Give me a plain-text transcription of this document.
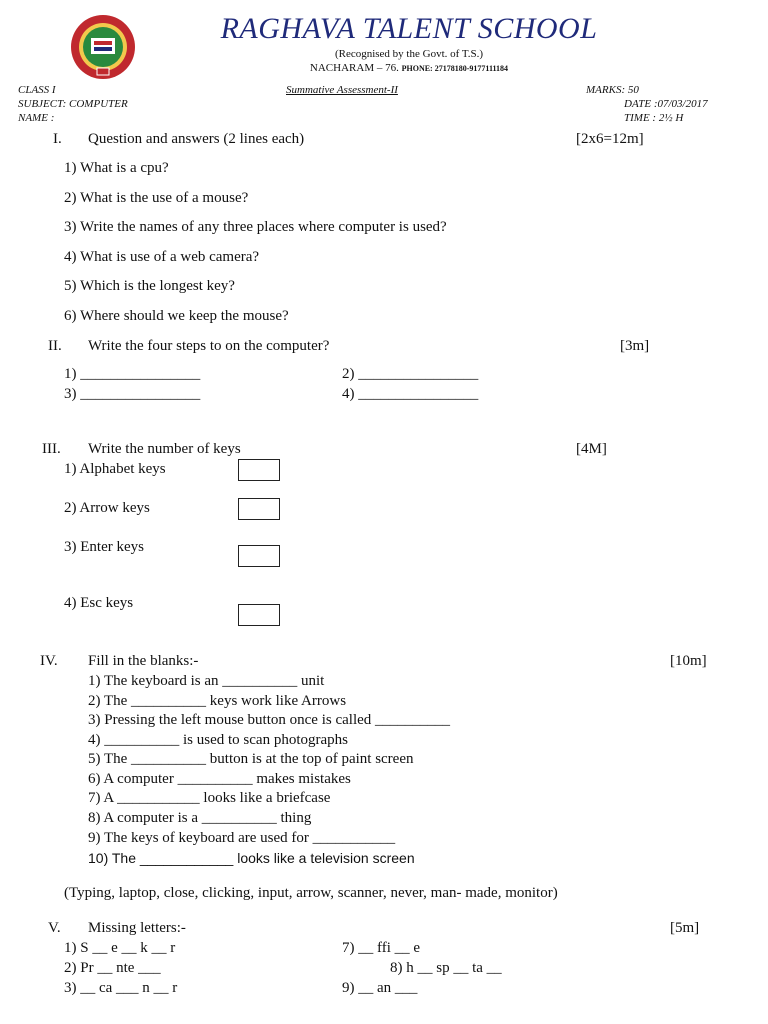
RAGHAVA TALENT SCHOOL
(Recognised by the Govt. of T.S.)
NACHARAM – 76. PHONE: 27178180-9177111184
CLASS I
SUBJECT: COMPUTER
NAME :
Summative Assessment-II	MARKS: 50
DATE :07/03/2017
TIME : 2½ H
I. Question and answers (2 lines each)	[2x6=12m]
1) What is a cpu?
2) What is the use of a mouse?
3) Write the names of any three places where computer is used?
4) What is use of a web camera?
5) Which is the longest key?
6) Where should we keep the mouse?
II. Write the four steps to on the computer?	[3m]
1) ________________	2) ________________
3) ________________	4) ________________
III. Write the number of keys	[4M]
1) Alphabet keys
2) Arrow keys
3) Enter keys
4) Esc keys
IV. Fill in the blanks:-	[10m]
1) The keyboard is an __________ unit
2) The __________ keys work like Arrows
3) Pressing the left mouse button once is called __________
4) __________ is used to scan photographs
5) The __________ button is at the top of paint screen
6) A computer __________ makes mistakes
7) A ___________ looks like a briefcase
8) A computer is a __________ thing
9) The keys of keyboard are used for ___________
10) The ____________ looks like a television screen
(Typing, laptop, close, clicking, input, arrow, scanner, never, man- made, monitor)
V. Missing letters:-	[5m]
1) S __ e __ k __ r	7) __ ffi __ e
2) Pr __ nte ___	8) h __ sp __ ta __
3) __ ca ___ n __ r	9) __ an ___
